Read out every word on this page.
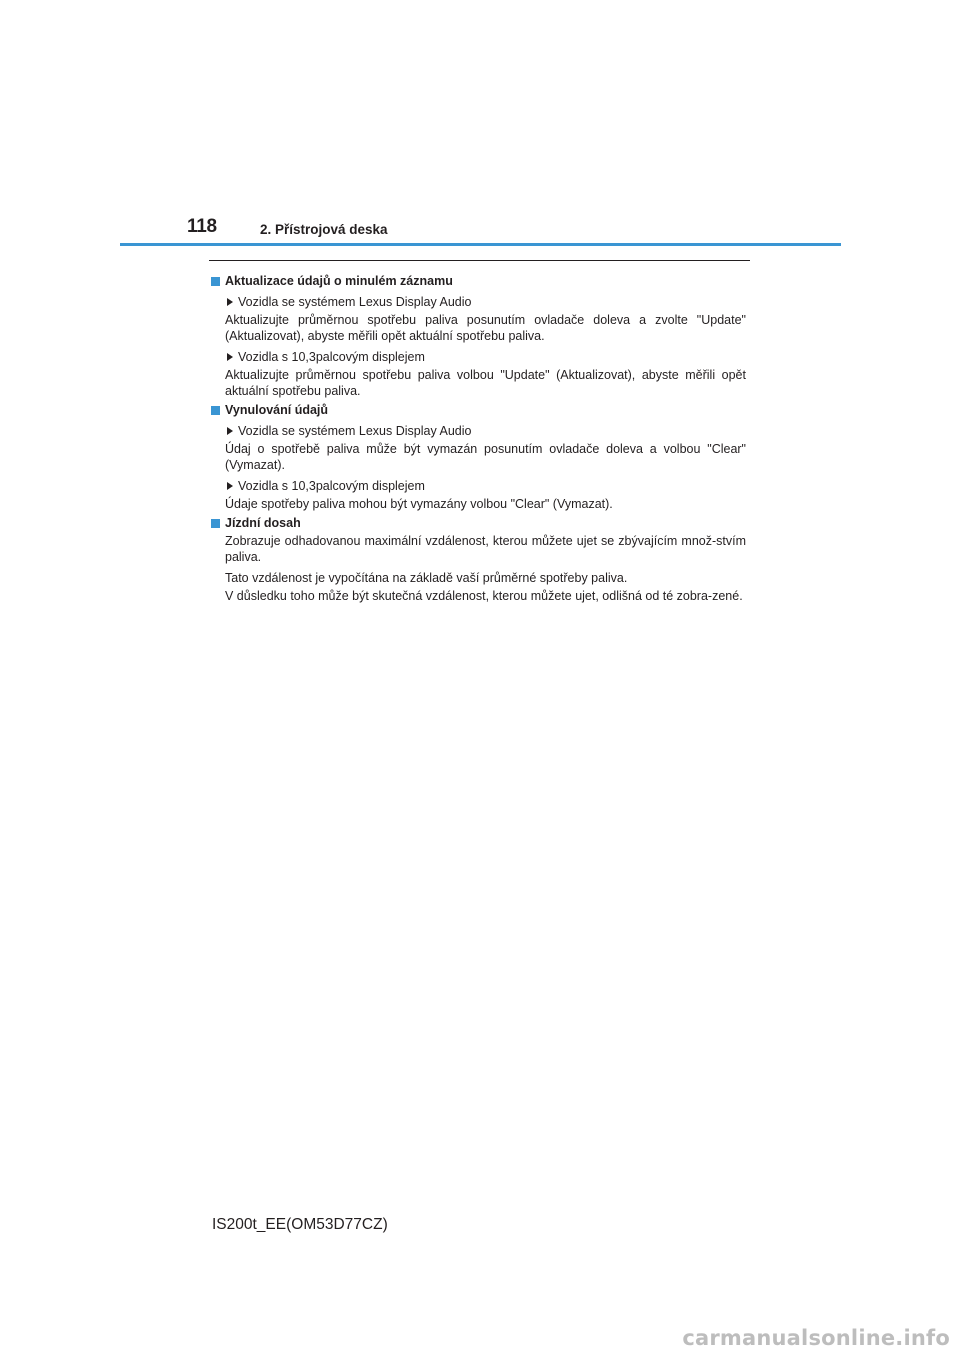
118	2. Přístrojová deska
Aktualizace údajů o minulém záznamu
Vozidla se systémem Lexus Display Audio
Aktualizujte průměrnou spotřebu paliva posunutím ovladače doleva a zvolte "Update" (Aktualizovat), abyste měřili opět aktuální spotřebu paliva.
Vozidla s 10,3palcovým displejem
Aktualizujte průměrnou spotřebu paliva volbou "Update" (Aktualizovat), abyste měřili opět aktuální spotřebu paliva.
Vynulování údajů
Vozidla se systémem Lexus Display Audio
Údaj o spotřebě paliva může být vymazán posunutím ovladače doleva a volbou "Clear" (Vymazat).
Vozidla s 10,3palcovým displejem
Údaje spotřeby paliva mohou být vymazány volbou "Clear" (Vymazat).
Jízdní dosah
Zobrazuje odhadovanou maximální vzdálenost, kterou můžete ujet se zbývajícím množ-stvím paliva.
Tato vzdálenost je vypočítána na základě vaší průměrné spotřeby paliva.
V důsledku toho může být skutečná vzdálenost, kterou můžete ujet, odlišná od té zobra-zené.
IS200t_EE(OM53D77CZ)
carmanualsonline.info
